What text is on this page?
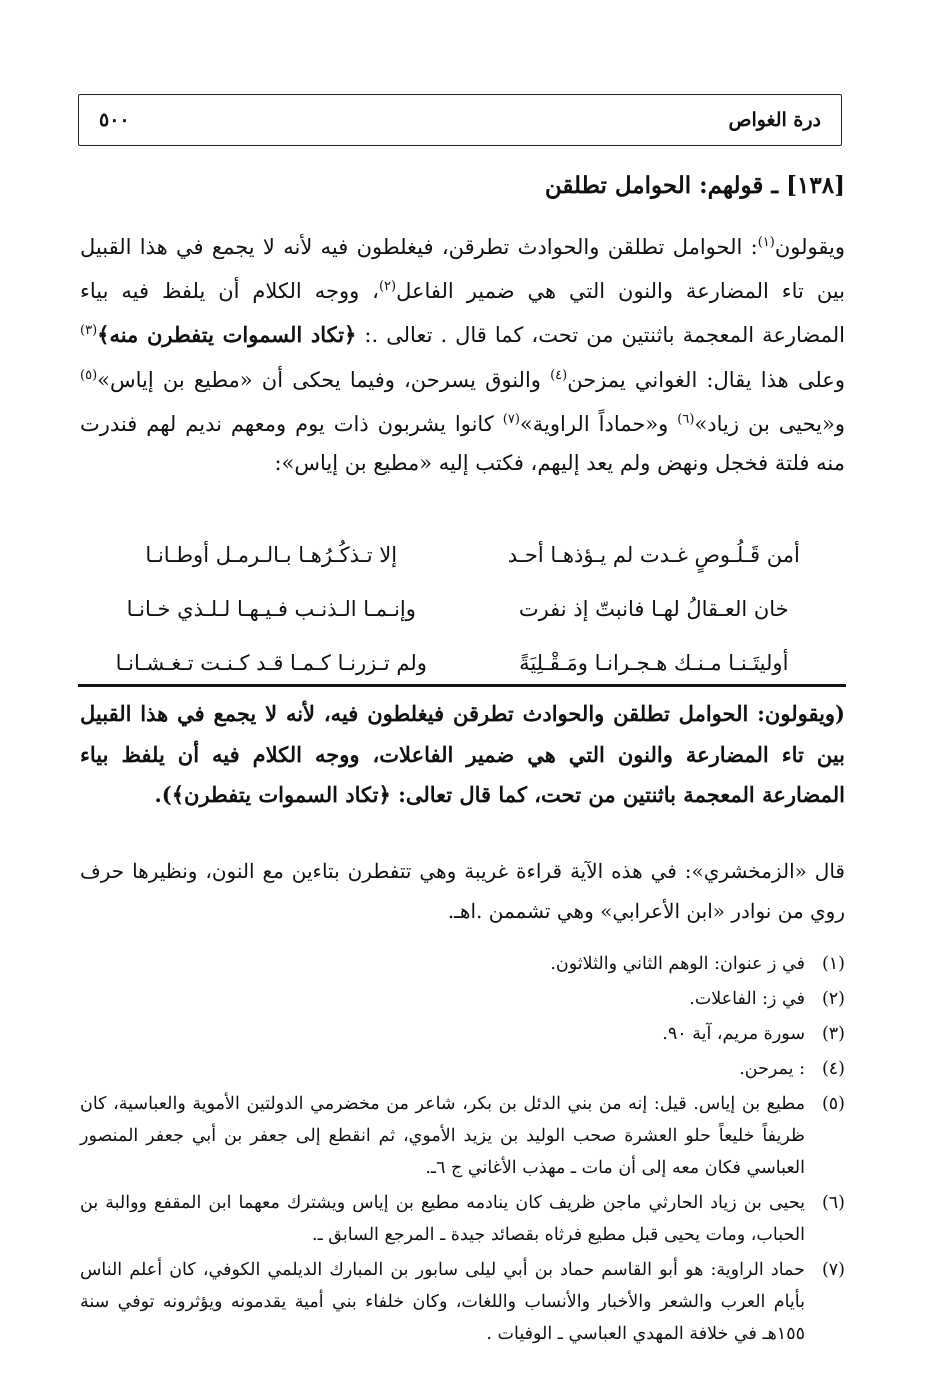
درة الغواص
٥٠٠
[١٣٨] ـ قولهم: الحوامل تطلقن

ويقولون$^{(١)}$: الحوامل تطلقن والحوادث تطرقن، فيغلطون فيه لأنه لا يجمع في هذا القبيل بين تاء المضارعة والنون التي هي ضمير الفاعل$^{(٢)}$، ووجه الكلام أن يلفظ فيه بياء المضارعة المعجمة باثنتين من تحت، كما قال . تعالى .: ﴿تكاد السموات يتفطرن منه﴾$^{(٣)}$ وعلى هذا يقال: الغواني يمزحن$^{(٤)}$ والنوق يسرحن، وفيما يحكى أن «مطيع بن إياس»$^{(٥)}$ و«يحيى بن زياد»$^{(٦)}$ و«حماداً الراوية»$^{(٧)}$ كانوا يشربون ذات يوم ومعهم نديم لهم فندرت منه فلتة فخجل ونهض ولم يعد إليهم، فكتب إليه «مطيع بن إياس»:

أمن قَـلُـوصٍ غـدت لم يـؤذهـا أحـد
إلا تـذكُـرُهـا بـالـرمـل أوطـانـا
خان العـقالُ لهـا فانبتّ إذ نفرت
وإنـمـا الـذنـب فـيـهـا لـلـذي خـانـا
أوليتَـنـا مـنـك هـجـرانـا ومَـقْـلِيَةً
ولم تـزرنـا كـمـا قـد كـنـت تـغـشـانـا
(ويقولون: الحوامل تطلقن والحوادث تطرقن فيغلطون فيه، لأنه لا يجمع في هذا القبيل بين تاء المضارعة والنون التي هي ضمير الفاعلات، ووجه الكلام فيه أن يلفظ بياء المضارعة المعجمة باثنتين من تحت، كما قال تعالى: ﴿تكاد السموات يتفطرن﴾).
قال «الزمخشري»: في هذه الآية قراءة غريبة وهي تتفطرن بتاءين مع النون، ونظيرها حرف روي من نوادر «ابن الأعرابي» وهي تشممن .اهـ.
(١)
في ز عنوان: الوهم الثاني والثلاثون.
(٢)
في ز: الفاعلات.
(٣)
سورة مريم، آية ٩٠.
(٤)
: يمرحن.
(٥)
مطيع بن إياس. قيل: إنه من بني الدئل بن بكر، شاعر من مخضرمي الدولتين الأموية والعباسية، كان ظريفاً خليعاً حلو العشرة صحب الوليد بن يزيد الأموي، ثم انقطع إلى جعفر بن أبي جعفر المنصور العباسي فكان معه إلى أن مات ـ مهذب الأغاني ج ٦ـ.
(٦)
يحيى بن زياد الحارثي ماجن ظريف كان ينادمه مطيع بن إياس ويشترك معهما ابن المقفع ووالبة بن الحباب، ومات يحيى قبل مطيع فرثاه بقصائد جيدة ـ المرجع السابق ـ.
(٧)
حماد الراوية: هو أبو القاسم حماد بن أبي ليلى سابور بن المبارك الديلمي الكوفي، كان أعلم الناس بأيام العرب والشعر والأخبار والأنساب واللغات، وكان خلفاء بني أمية يقدمونه ويؤثرونه توفي سنة ١٥٥هـ في خلافة المهدي العباسي ـ الوفيات .
